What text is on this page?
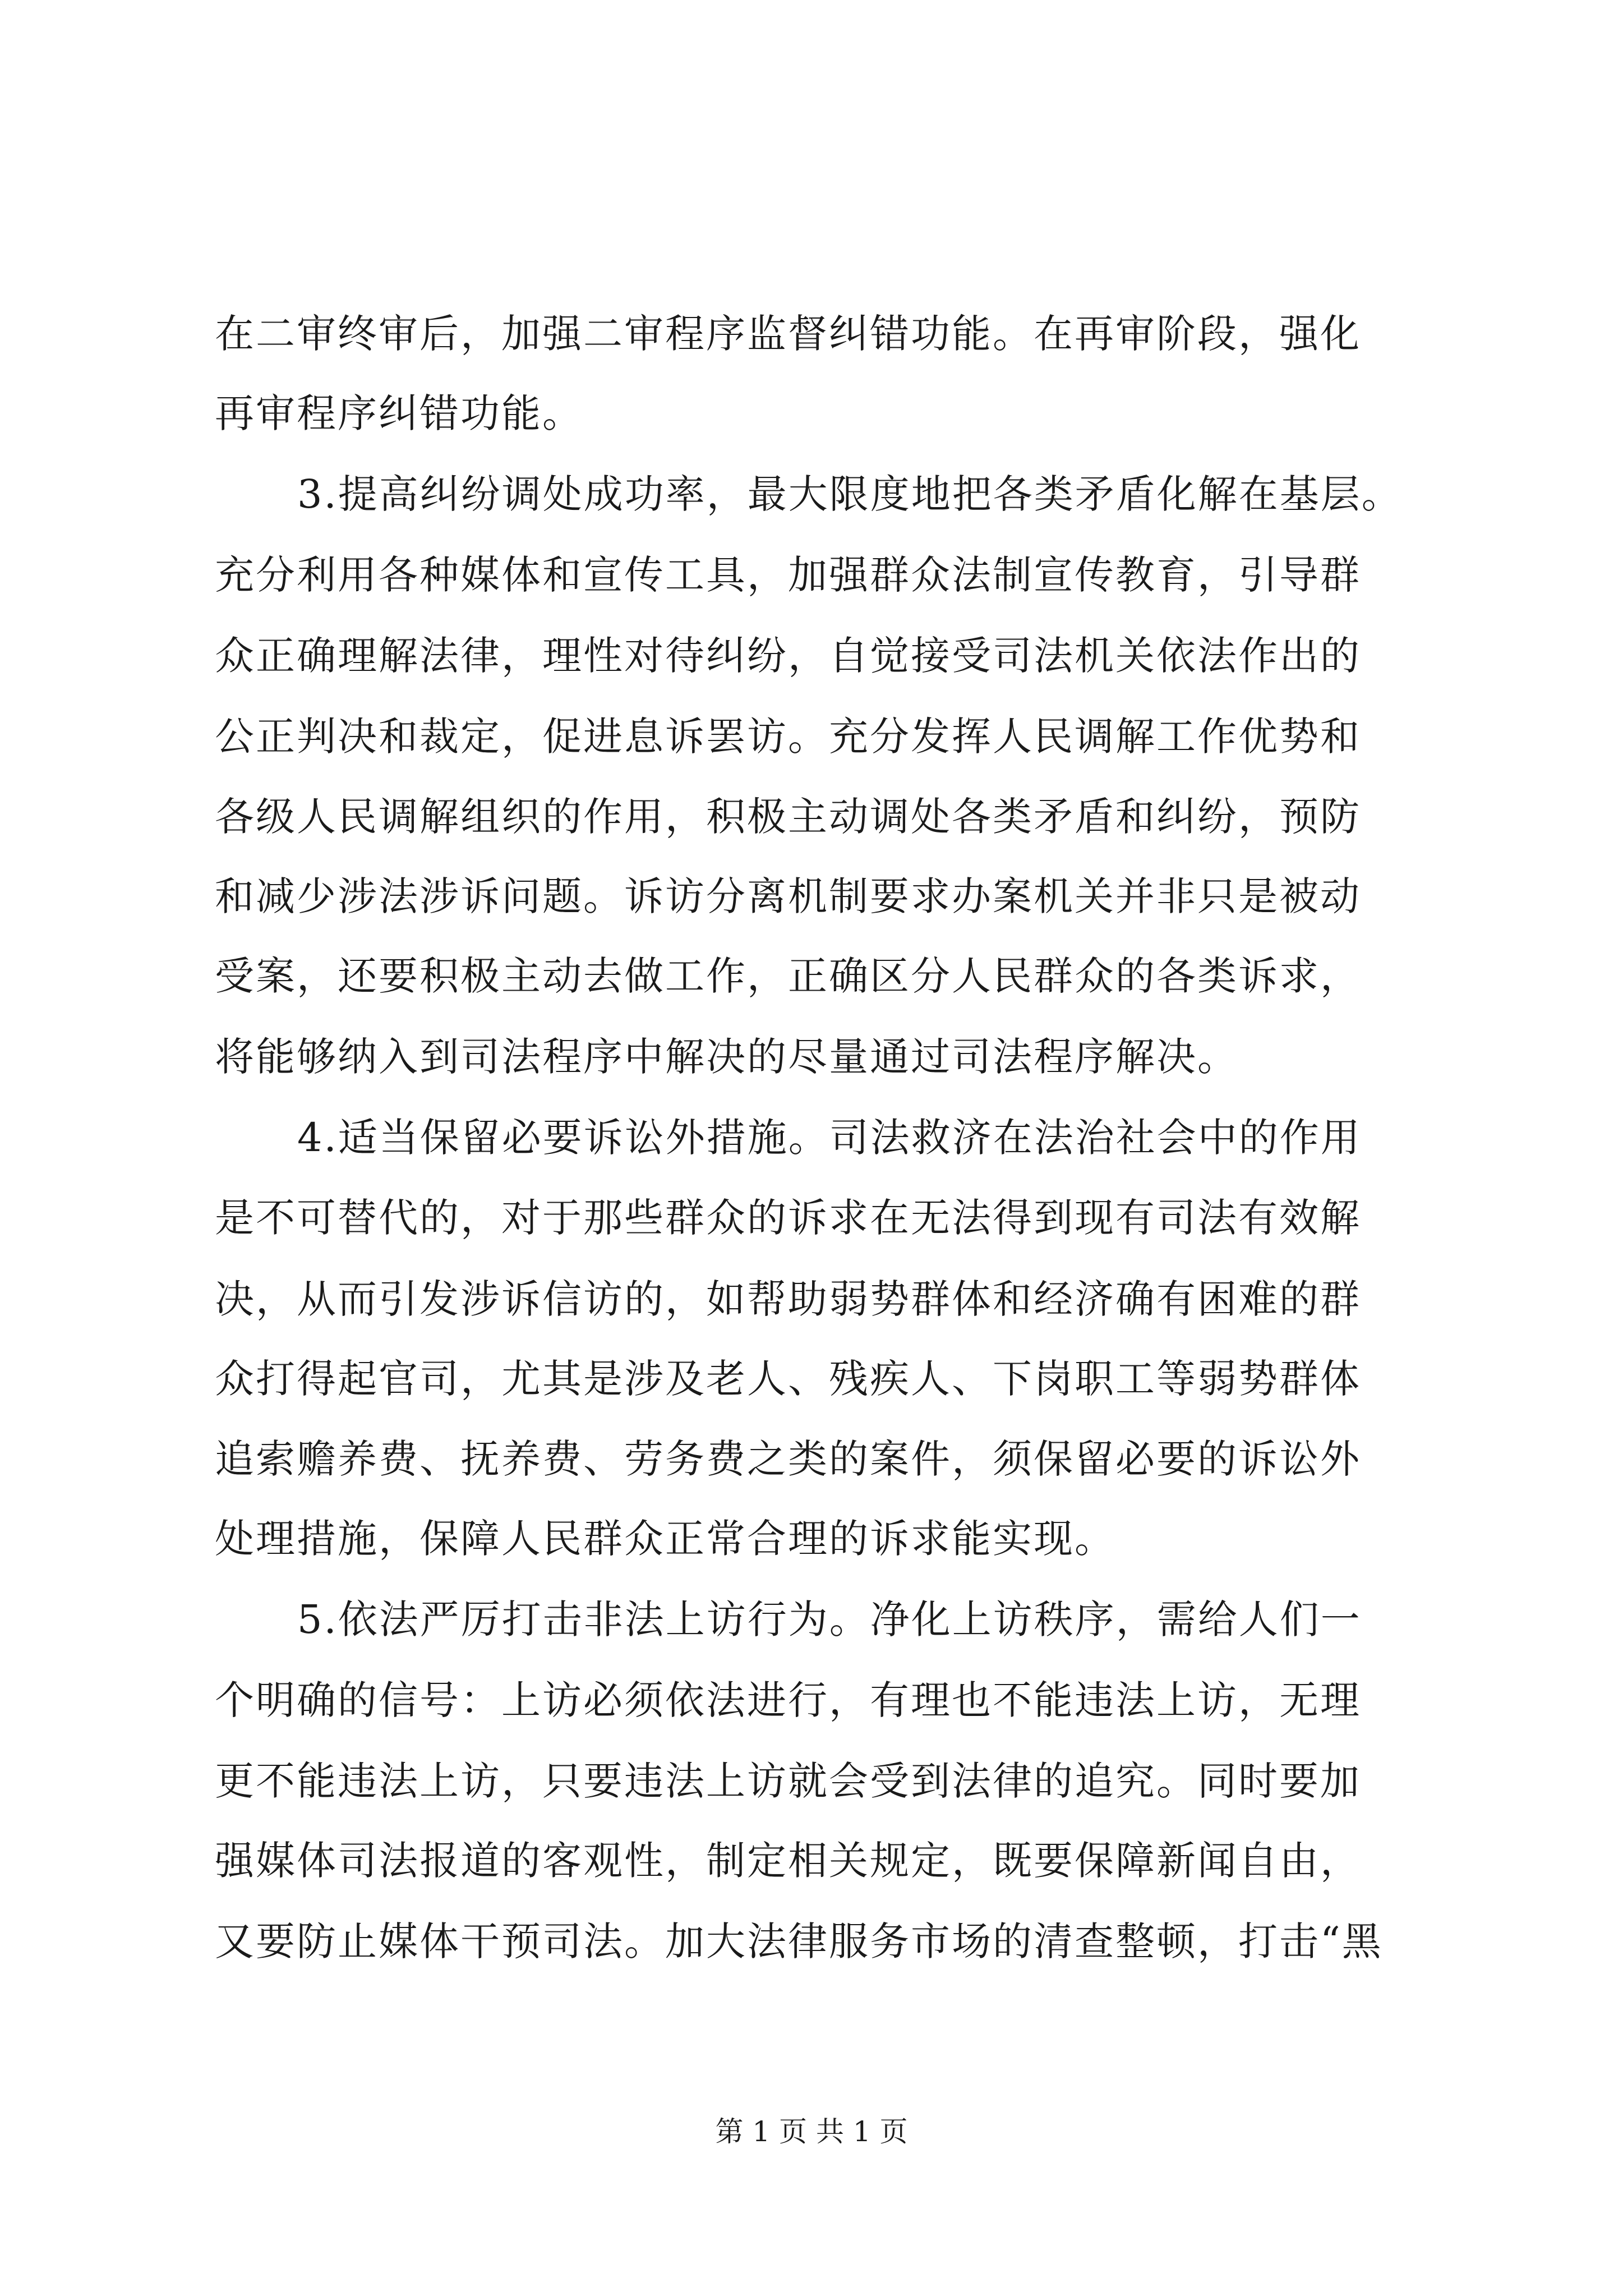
在二审终审后，加强二审程序监督纠错功能。在再审阶段，强化
再审程序纠错功能。
3.提高纠纷调处成功率，最大限度地把各类矛盾化解在基层。
充分利用各种媒体和宣传工具，加强群众法制宣传教育，引导群
众正确理解法律，理性对待纠纷，自觉接受司法机关依法作出的
公正判决和裁定，促进息诉罢访。充分发挥人民调解工作优势和
各级人民调解组织的作用，积极主动调处各类矛盾和纠纷，预防
和减少涉法涉诉问题。诉访分离机制要求办案机关并非只是被动
受案，还要积极主动去做工作，正确区分人民群众的各类诉求，
将能够纳入到司法程序中解决的尽量通过司法程序解决。
4.适当保留必要诉讼外措施。司法救济在法治社会中的作用
是不可替代的，对于那些群众的诉求在无法得到现有司法有效解
决，从而引发涉诉信访的，如帮助弱势群体和经济确有困难的群
众打得起官司，尤其是涉及老人、残疾人、下岗职工等弱势群体
追索赡养费、抚养费、劳务费之类的案件，须保留必要的诉讼外
处理措施，保障人民群众正常合理的诉求能实现。
5.依法严厉打击非法上访行为。净化上访秩序，需给人们一
个明确的信号：上访必须依法进行，有理也不能违法上访，无理
更不能违法上访，只要违法上访就会受到法律的追究。同时要加
强媒体司法报道的客观性，制定相关规定，既要保障新闻自由，
又要防止媒体干预司法。加大法律服务市场的清查整顿，打击“黑
第 1 页 共 1 页
